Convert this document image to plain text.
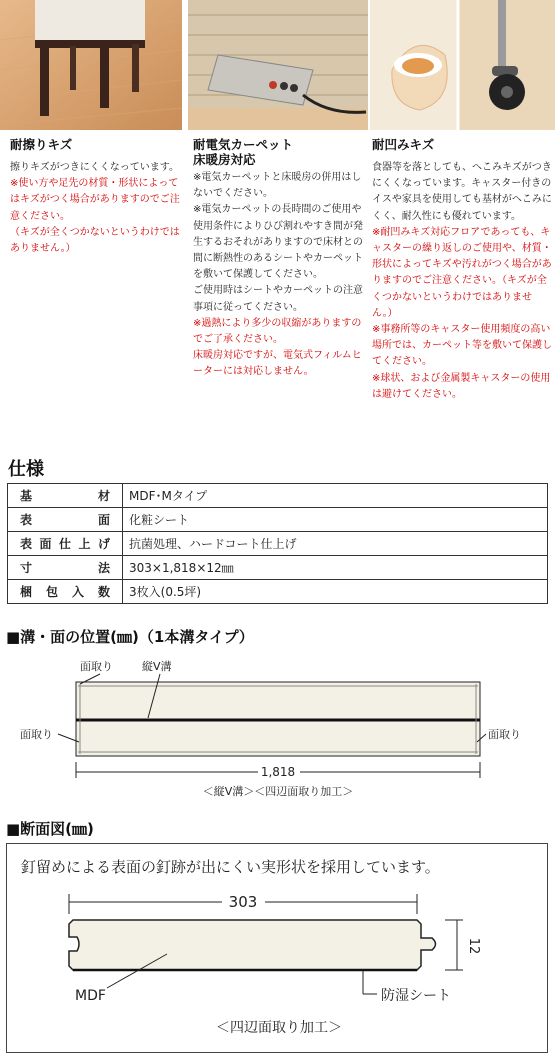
耐擦りキズ
擦りキズがつきにくくなっています。
※使い方や足先の材質・形状によってはキズがつく場合がありますのでご注意ください。
（キズが全くつかないというわけではありません。）
耐電気カーペット
床暖房対応
※電気カーペットと床暖房の併用はしないでください。
※電気カーペットの長時間のご使用や使用条件によりひび割れやすき間が発生するおそれがありますので床材との間に断熱性のあるシートやカーペットを敷いて保護してください。
ご使用時はシートやカーペットの注意事項に従ってください。
※過熱により多少の収縮がありますのでご了承ください。
床暖房対応ですが、電気式フィルムヒーターには対応しません。
耐凹みキズ
食器等を落としても、へこみキズがつきにくくなっています。キャスター付きのイスや家具を使用しても基材がへこみにくく、耐久性にも優れています。
※耐凹みキズ対応フロアであっても、キャスターの繰り返しのご使用や、材質・形状によってキズや汚れがつく場合がありますのでご注意ください。（キズが全くつかないというわけではありません。）
※事務所等のキャスター使用頻度の高い場所では、カーペット等を敷いて保護してください。
※球状、および金属製キャスターの使用は避けてください。
仕様
基 材	MDF･Mタイプ

表 面	化粧シート

表 面 仕 上 げ	抗菌処理、ハードコート仕上げ

寸 法	303×1,818×12㎜

梱 包 入 数	3枚入(0.5坪)
■溝・面の位置(㎜)（1本溝タイプ）
面取り	縦V溝
面取り	面取り
1,818
＜縦V溝＞＜四辺面取り加工＞
■断面図(㎜)
釘留めによる表面の釘跡が出にくい実形状を採用しています。
303
12
MDF	防湿シート
＜四辺面取り加工＞
